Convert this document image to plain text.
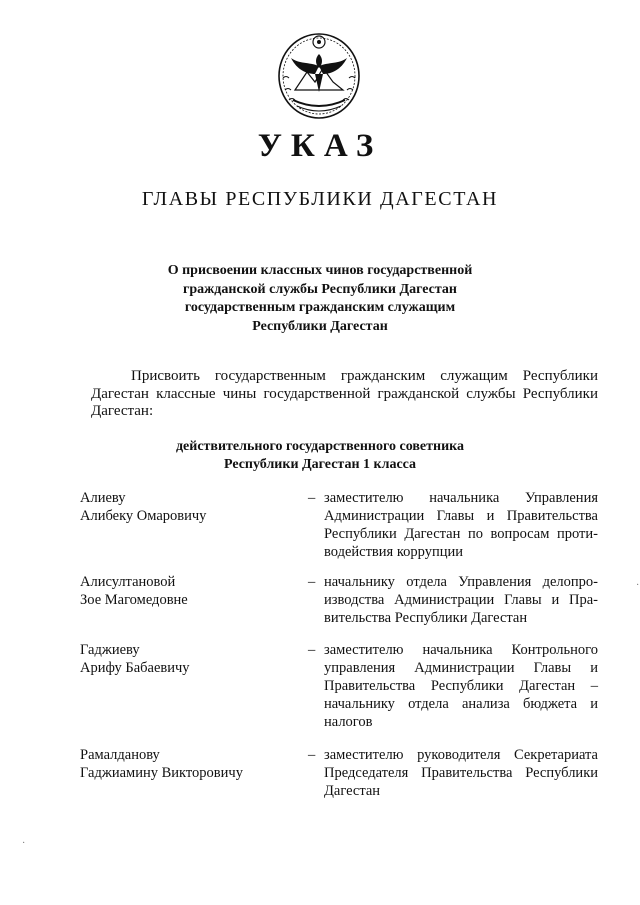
УКАЗ
ГЛАВЫ РЕСПУБЛИКИ ДАГЕСТАН
О присвоении классных чинов государственной
гражданской службы Республики Дагестан
государственным гражданским служащим
Республики Дагестан

Присвоить государственным гражданским служащим Республики

Дагестан классные чины государственной гражданской службы Республики

Дагестан:

действительного государственного советника
Республики Дагестан 1 класса
Алиеву
Алибеку Омаровичу
– заместителю начальника Управления
Администрации Главы и Правительства
Республики Дагестан по вопросам проти-
водействия коррупции
Алисултановой
Зое Магомедовне
– начальнику отдела Управления делопро-
изводства Администрации Главы и Пра-
вительства Республики Дагестан
Гаджиеву
Арифу Бабаевичу
– заместителю начальника Контрольного
управления Администрации Главы и
Правительства Республики Дагестан –
начальнику отдела анализа бюджета и
налогов
Рамалданову
Гаджиамину Викторовичу
– заместителю руководителя Секретариата
Председателя Правительства Республики
Дагестан
·
·
